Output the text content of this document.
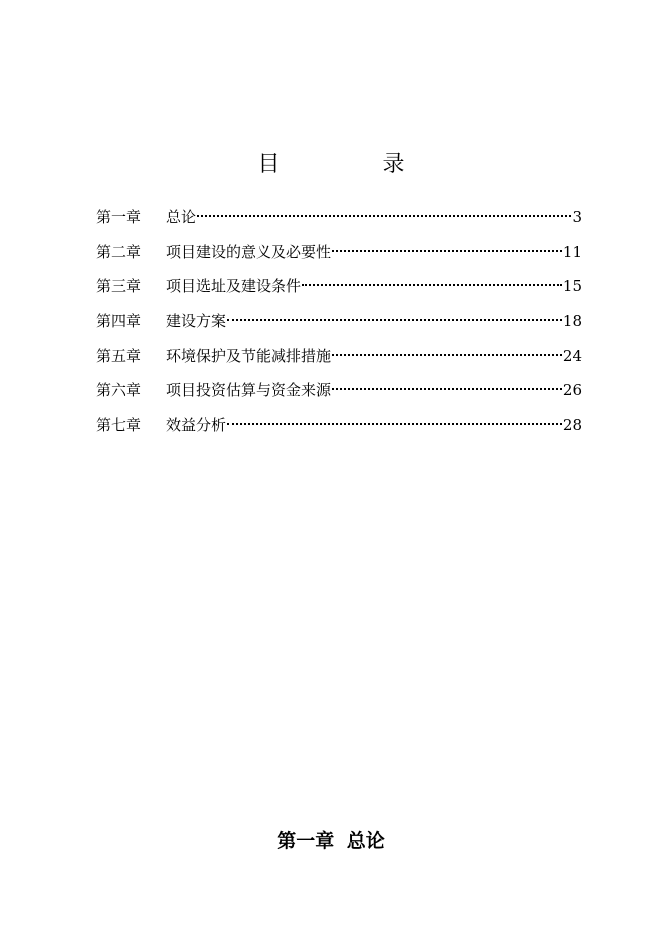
目 录
第一章	总论	3
第二章	项目建设的意义及必要性	11
第三章	项目选址及建设条件	15
第四章	建设方案	18
第五章	环境保护及节能减排措施	24
第六章	项目投资估算与资金来源	26
第七章	效益分析	28
第一章 总论
